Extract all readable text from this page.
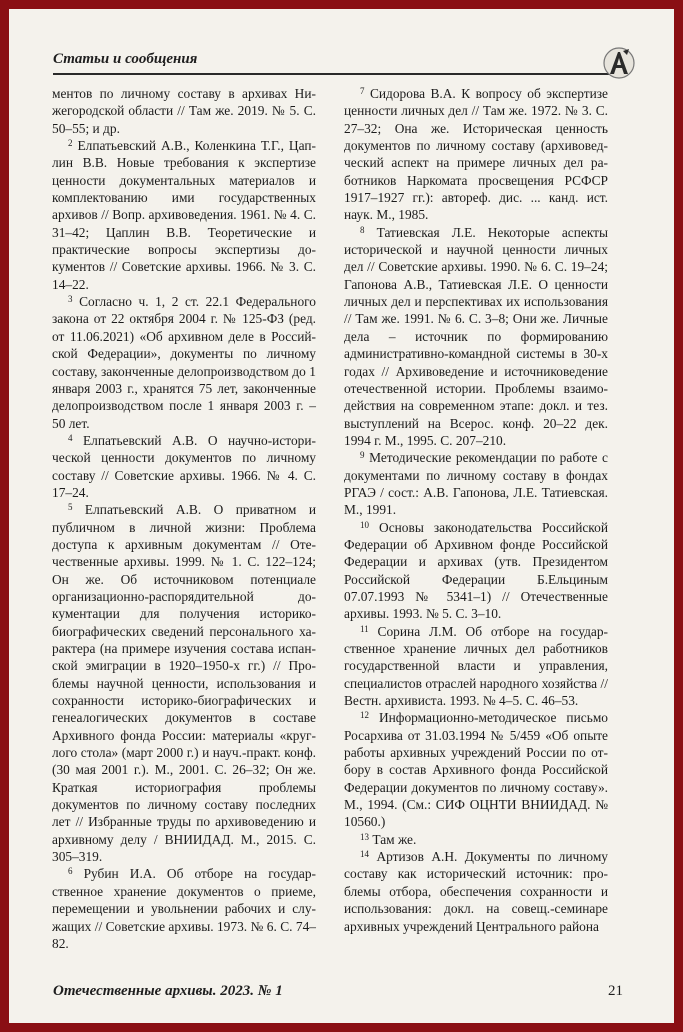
Статьи и сообщения

ментов по личному составу в архивах Нижегородской области // Там же. 2019. № 5. С. 50–55; и др.

$^2$ Елпатьевский А.В., Коленкина Т.Г., Цаплин В.В. Новые требования к экспертизе ценности документальных материалов и комплектованию ими государственных архивов // Вопр. архивоведения. 1961. № 4. С. 31–42; Цаплин В.В. Теоретические и практические вопросы экспертизы документов // Советские архивы. 1966. № 3. С. 14–22.

$^3$ Согласно ч. 1, 2 ст. 22.1 Федерального закона от 22 октября 2004 г. № 125-ФЗ (ред. от 11.06.2021) «Об архивном деле в Российской Федерации», документы по личному составу, законченные делопроизводством до 1 января 2003 г., хранятся 75 лет, законченные делопроизводством после 1 января 2003 г. – 50 лет.

$^4$ Елпатьевский А.В. О научно-исторической ценности документов по личному составу // Советские архивы. 1966. № 4. С. 17–24.

$^5$ Елпатьевский А.В. О приватном и публичном в личной жизни: Проблема доступа к архивным документам // Отечественные архивы. 1999. № 1. С. 122–124; Он же. Об источниковом потенциале организационно-распорядительной документации для получения историко-биографических сведений персонального характера (на примере изучения состава испанской эмиграции в 1920–1950-х гг.) // Проблемы научной ценности, использования и сохранности историко-биографических и генеалогических документов в составе Архивного фонда России: материалы «круглого стола» (март 2000 г.) и науч.-практ. конф. (30 мая 2001 г.). М., 2001. С. 26–32; Он же. Краткая историография проблемы документов по личному составу последних лет // Избранные труды по архивоведению и архивному делу / ВНИИДАД. М., 2015. С. 305–319.

$^6$ Рубин И.А. Об отборе на государственное хранение документов о приеме, перемещении и увольнении рабочих и служащих // Советские архивы. 1973. № 6. С. 74–82.

$^7$ Сидорова В.А. К вопросу об экспертизе ценности личных дел // Там же. 1972. № 3. С. 27–32; Она же. Историческая ценность документов по личному составу (архивоведческий аспект на примере личных дел работников Наркомата просвещения РСФСР 1917–1927 гг.): автореф. дис. ... канд. ист. наук. М., 1985.

$^8$ Татиевская Л.Е. Некоторые аспекты исторической и научной ценности личных дел // Советские архивы. 1990. № 6. С. 19–24; Гапонова А.В., Татиевская Л.Е. О ценности личных дел и перспективах их использования // Там же. 1991. № 6. С. 3–8; Они же. Личные дела – источник по формированию административно-командной системы в 30-х годах // Архивоведение и источниковедение отечественной истории. Проблемы взаимодействия на современном этапе: докл. и тез. выступлений на Всерос. конф. 20–22 дек. 1994 г. М., 1995. С. 207–210.

$^9$ Методические рекомендации по работе с документами по личному составу в фондах РГАЭ / сост.: А.В. Гапонова, Л.Е. Татиевская. М., 1991.

$^{10}$ Основы законодательства Российской Федерации об Архивном фонде Российской Федерации и архивах (утв. Президентом Российской Федерации Б.Ельциным 07.07.1993 № 5341–1) // Отечественные архивы. 1993. № 5. С. 3–10.

$^{11}$ Сорина Л.М. Об отборе на государственное хранение личных дел работников государственной власти и управления, специалистов отраслей народного хозяйства // Вестн. архивиста. 1993. № 4–5. С. 46–53.

$^{12}$ Информационно-методическое письмо Росархива от 31.03.1994 № 5/459 «Об опыте работы архивных учреждений России по отбору в состав Архивного фонда Российской Федерации документов по личному составу». М., 1994. (См.: СИФ ОЦНТИ ВНИИДАД. № 10560.)

$^{13}$ Там же.

$^{14}$ Артизов А.Н. Документы по личному составу как исторический источник: проблемы отбора, обеспечения сохранности и использования: докл. на совещ.-семинаре архивных учреждений Центрального района

Отечественные архивы. 2023. № 1	21
